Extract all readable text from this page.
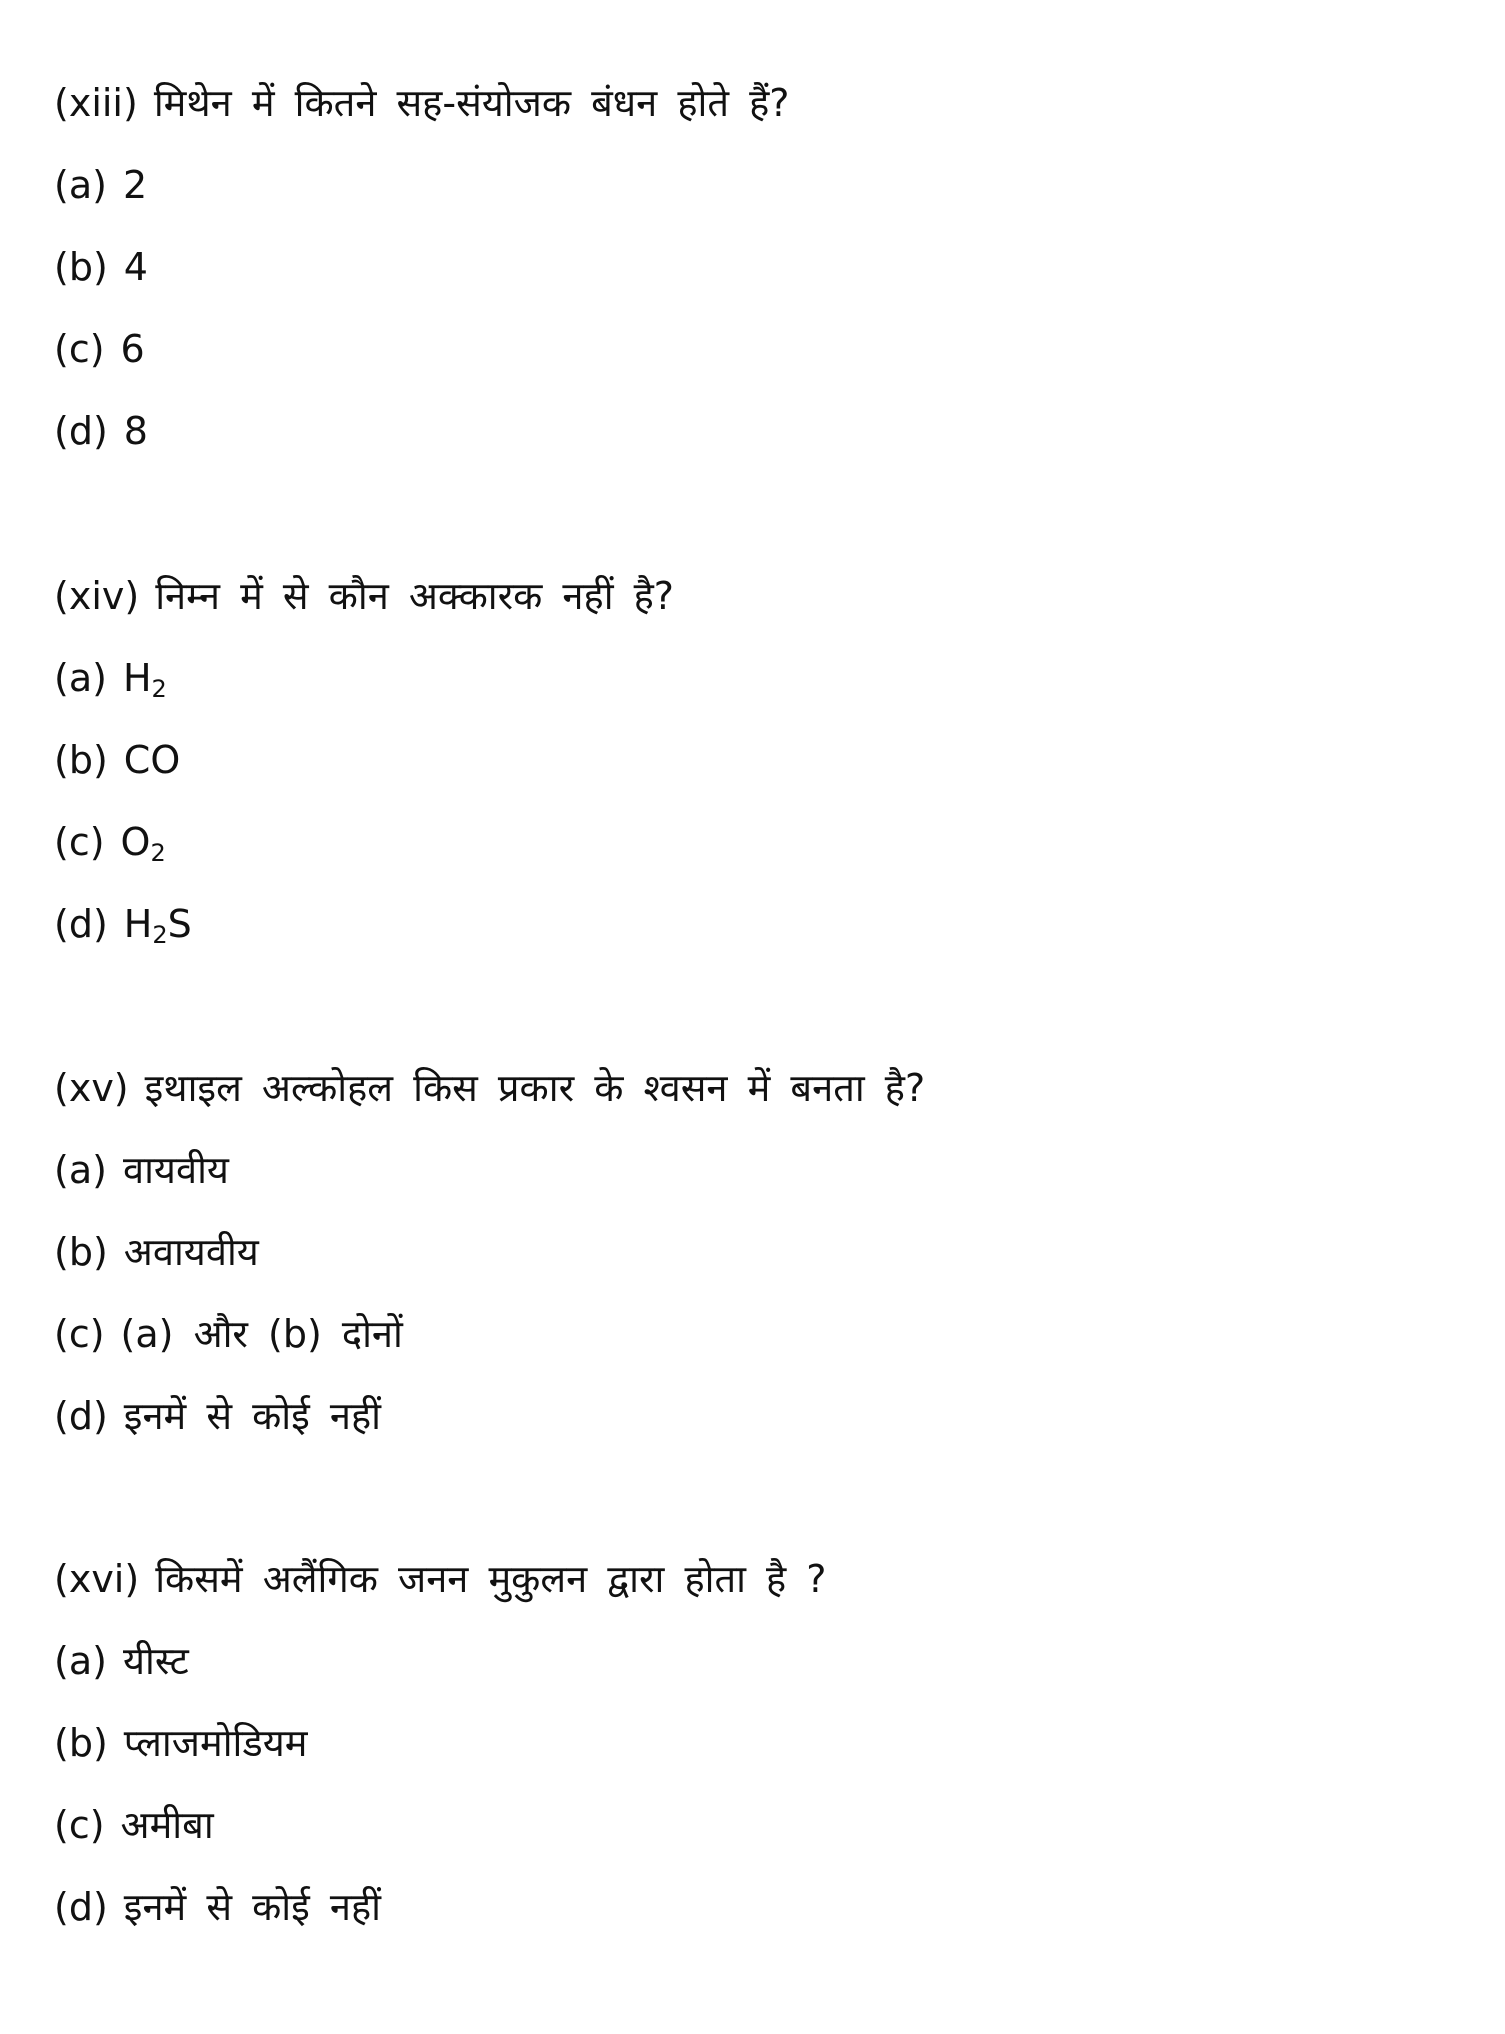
(xiii) मिथेन में कितने सह-संयोजक बंधन होते हैं?
(a) 2
(b) 4
(c) 6
(d) 8
(xiv) निम्न में से कौन अक्कारक नहीं है?
(a) $H_2$
(b) CO
(c) $O_2$
(d) $H_2S$
(xv) इथाइल अल्कोहल किस प्रकार के श्वसन में बनता है?
(a) वायवीय
(b) अवायवीय
(c) (a) और (b) दोनों
(d) इनमें से कोई नहीं
(xvi) किसमें अलैंगिक जनन मुकुलन द्वारा होता है ?
(a) यीस्ट
(b) प्लाजमोडियम
(c) अमीबा
(d) इनमें से कोई नहीं
